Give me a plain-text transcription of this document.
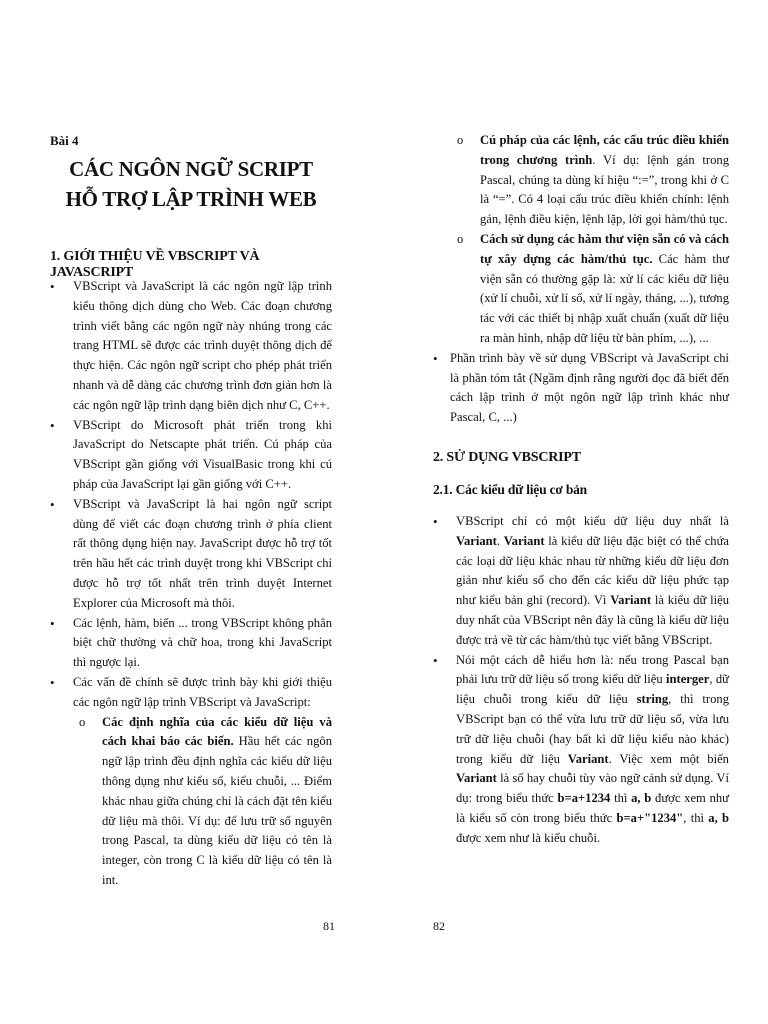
Bài 4
CÁC NGÔN NGỮ SCRIPT
HỖ TRỢ LẬP TRÌNH WEB
1. GIỚI THIỆU VỀ VBSCRIPT VÀ JAVASCRIPT
• VBScript và JavaScript là các ngôn ngữ lập trình kiểu thông dịch dùng cho Web. Các đoạn chương trình viết bằng các ngôn ngữ này nhúng trong các trang HTML sẽ được các trình duyệt thông dịch để thực hiện. Các ngôn ngữ script cho phép phát triển nhanh và dễ dàng các chương trình đơn giản hơn là các ngôn ngữ lập trình dạng biên dịch như C, C++.
• VBScript do Microsoft phát triển trong khi JavaScript do Netscapte phát triển. Cú pháp của VBScript gần giống với VisualBasic trong khi cú pháp của JavaScript lại gần giống với C++.
• VBScript và JavaScript là hai ngôn ngữ script dùng để viết các đoạn chương trình ở phía client rất thông dụng hiện nay. JavaScript được hỗ trợ tốt trên hầu hết các trình duyệt trong khi VBScript chỉ được hỗ trợ tốt nhất trên trình duyệt Internet Explorer của Microsoft mà thôi.
• Các lệnh, hàm, biến ... trong VBScript không phân biệt chữ thường và chữ hoa, trong khi JavaScript thì ngược lại.
• Các vấn đề chính sẽ được trình bày khi giới thiệu các ngôn ngữ lập trình VBScript và JavaScript:
o Các định nghĩa của các kiểu dữ liệu và cách khai báo các biến. Hầu hết các ngôn ngữ lập trình đều định nghĩa các kiểu dữ liệu thông dụng như kiểu số, kiểu chuỗi, ... Điểm khác nhau giữa chúng chỉ là cách đặt tên kiểu dữ liệu mà thôi. Ví dụ: để lưu trữ số nguyên trong Pascal, ta dùng kiểu dữ liệu có tên là integer, còn trong C là kiểu dữ liệu có tên là int.
81
o Cú pháp của các lệnh, các cấu trúc điều khiển trong chương trình. Ví dụ: lệnh gán trong Pascal, chúng ta dùng kí hiệu “:=”, trong khi ở C là “=”. Có 4 loại cấu trúc điều khiển chính: lệnh gán, lệnh điều kiện, lệnh lặp, lời gọi hàm/thủ tục.
o Cách sử dụng các hàm thư viện sẵn có và cách tự xây dựng các hàm/thủ tục. Các hàm thư viện sẵn có thường gặp là: xử lí các kiểu dữ liệu (xử lí chuỗi, xử lí số, xử lí ngày, tháng, ...), tương tác với các thiết bị nhập xuất chuẩn (xuất dữ liệu ra màn hình, nhập dữ liệu từ bàn phím, ...), ...
• Phần trình bày về sử dụng VBScript và JavaScript chỉ là phần tóm tắt (Ngầm định rằng người đọc đã biết đến cách lập trình ở một ngôn ngữ lập trình khác như Pascal, C, ...)
2. SỬ DỤNG VBSCRIPT
2.1. Các kiểu dữ liệu cơ bản
• VBScript chỉ có một kiểu dữ liệu duy nhất là Variant. Variant là kiểu dữ liệu đặc biệt có thể chứa các loại dữ liệu khác nhau từ những kiểu dữ liệu đơn giản như kiểu số cho đến các kiểu dữ liệu phức tạp như kiểu bản ghi (record). Vì Variant là kiểu dữ liệu duy nhất của VBScript nên đây là cũng là kiểu dữ liệu được trả về từ các hàm/thủ tục viết bằng VBScript.
• Nói một cách dễ hiểu hơn là: nếu trong Pascal bạn phải lưu trữ dữ liệu số trong kiểu dữ liệu interger, dữ liệu chuỗi trong kiểu dữ liệu string, thì trong VBScript bạn có thể vừa lưu trữ dữ liệu số, vừa lưu trữ dữ liệu chuỗi (hay bất kì dữ liệu kiểu nào khác) trong kiểu dữ liệu Variant. Việc xem một biến Variant là số hay chuỗi tùy vào ngữ cảnh sử dụng. Ví dụ: trong biểu thức b=a+1234 thì a, b được xem như là kiểu số còn trong biểu thức b=a+"1234", thì a, b được xem như là kiểu chuỗi.
82
